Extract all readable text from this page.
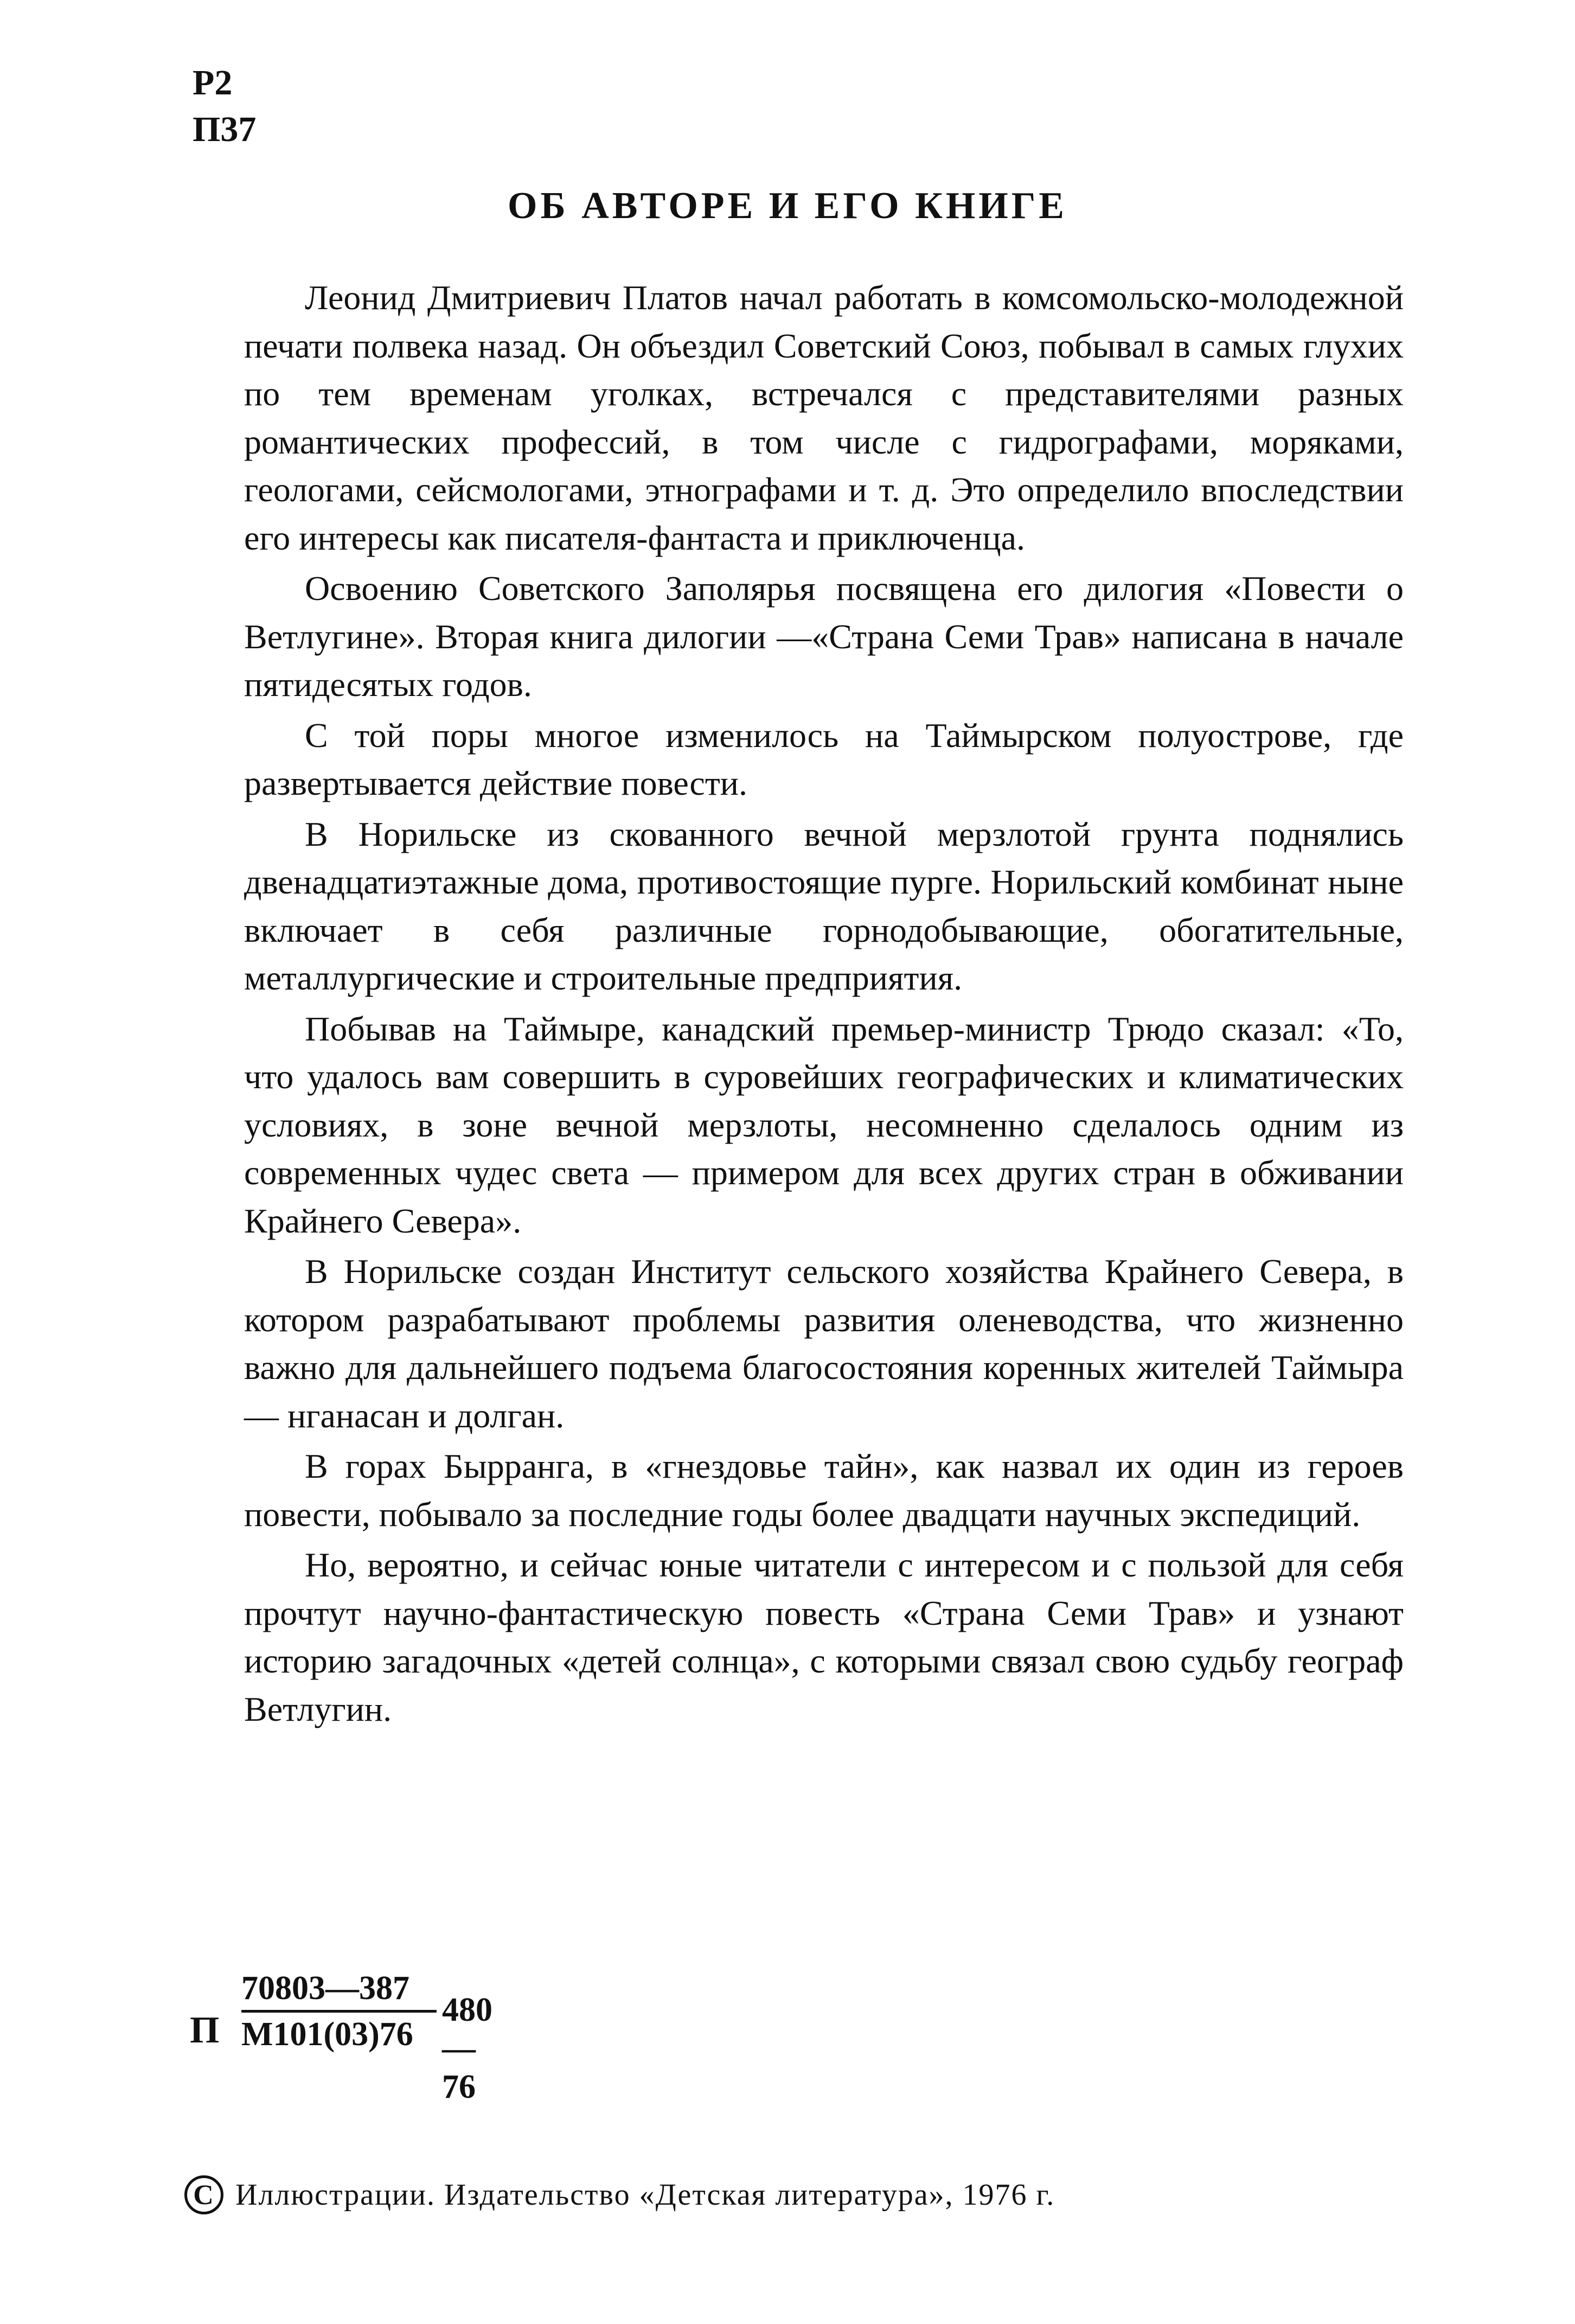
Р2
П37
ОБ АВТОРЕ И ЕГО КНИГЕ

Леонид Дмитриевич Платов начал работать в комсомольско-молодежной печати полвека назад. Он объездил Советский Союз, побывал в самых глухих по тем временам уголках, встречался с представителями разных романтических профессий, в том числе с гидрографами, моряками, геологами, сейсмологами, этнографами и т. д. Это определило впоследствии его интересы как писателя-фантаста и приключенца.

Освоению Советского Заполярья посвящена его дилогия «Повести о Ветлугине». Вторая книга дилогии —«Страна Семи Трав» написана в начале пятидесятых годов.

С той поры многое изменилось на Таймырском полуострове, где развертывается действие повести.

В Норильске из скованного вечной мерзлотой грунта поднялись двенадцатиэтажные дома, противостоящие пурге. Норильский комбинат ныне включает в себя различные горнодобывающие, обогатительные, металлургические и строительные предприятия.

Побывав на Таймыре, канадский премьер-министр Трюдо сказал: «То, что удалось вам совершить в суровейших географических и климатических условиях, в зоне вечной мерзлоты, несомненно сделалось одним из современных чудес света — примером для всех других стран в обживании Крайнего Севера».

В Норильске создан Институт сельского хозяйства Крайнего Севера, в котором разрабатывают проблемы развития оленеводства, что жизненно важно для дальнейшего подъема благосостояния коренных жителей Таймыра — нганасан и долган.

В горах Бырранга, в «гнездовье тайн», как назвал их один из героев повести, побывало за последние годы более двадцати научных экспедиций.

Но, вероятно, и сейчас юные читатели с интересом и с пользой для себя прочтут научно-фантастическую повесть «Страна Семи Трав» и узнают историю загадочных «детей солнца», с которыми связал свою судьбу географ Ветлугин.

П
70803—387
М101(03)76
480—76
C Иллюстрации. Издательство «Детская литература», 1976 г.
